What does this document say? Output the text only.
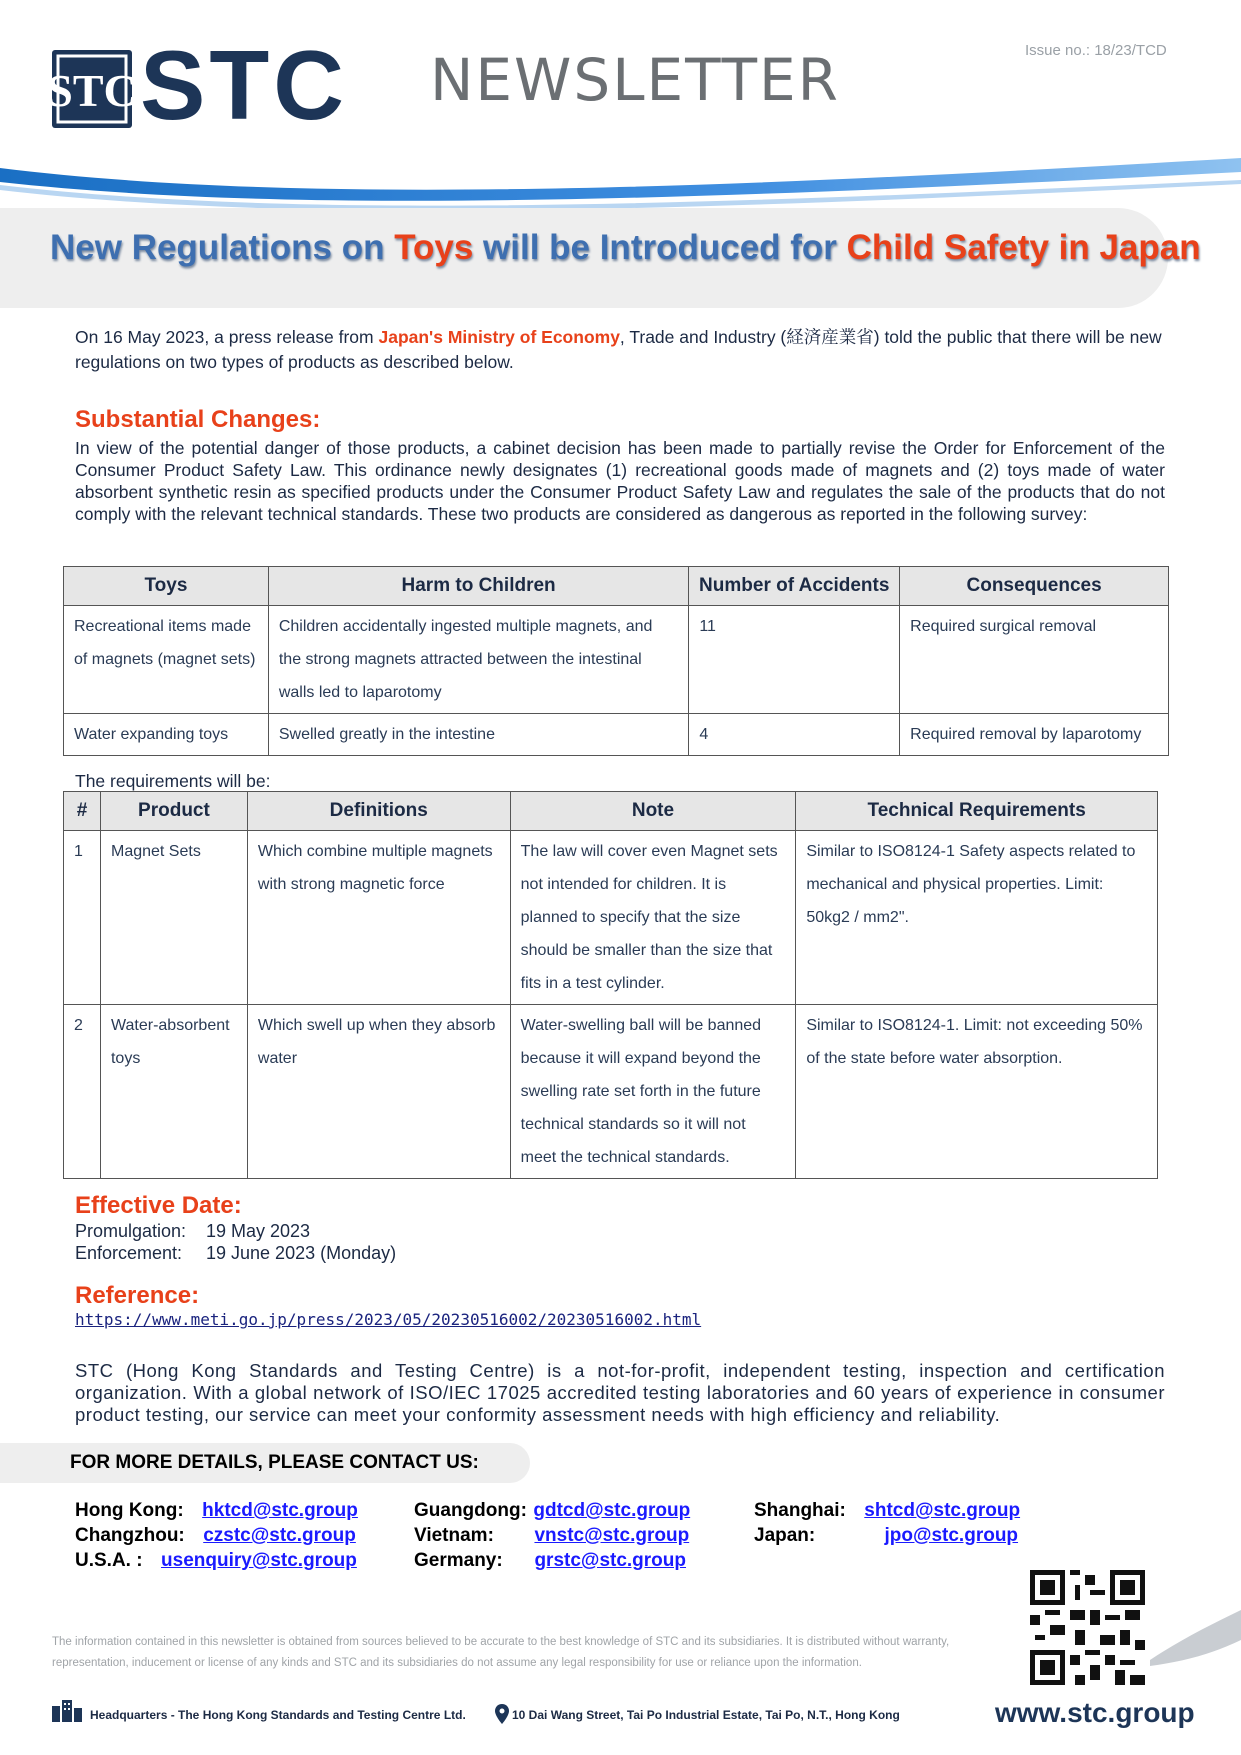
STC STC NEWSLETTER	Issue no.: 18/23/TCD
New Regulations on Toys will be Introduced for Child Safety in Japan
On 16 May 2023, a press release from Japan's Ministry of Economy, Trade and Industry (経済産業省) told the public that there will be new regulations on two types of products as described below.
Substantial Changes:
In view of the potential danger of those products, a cabinet decision has been made to partially revise the Order for Enforcement of the Consumer Product Safety Law. This ordinance newly designates (1) recreational goods made of magnets and (2) toys made of water absorbent synthetic resin as specified products under the Consumer Product Safety Law and regulates the sale of the products that do not comply with the relevant technical standards. These two products are considered as dangerous as reported in the following survey:
Toys	Harm to Children	Number of Accidents	Consequences
Recreational items made of magnets (magnet sets)	Children accidentally ingested multiple magnets, and the strong magnets attracted between the intestinal walls led to laparotomy	11	Required surgical removal
Water expanding toys	Swelled greatly in the intestine	4	Required removal by laparotomy
The requirements will be:
#	Product	Definitions	Note	Technical Requirements
1	Magnet Sets	Which combine multiple magnets with strong magnetic force	The law will cover even Magnet sets not intended for children. It is planned to specify that the size should be smaller than the size that fits in a test cylinder.	Similar to ISO8124-1 Safety aspects related to mechanical and physical properties. Limit: 50kg2 / mm2".
2	Water-absorbent toys	Which swell up when they absorb water	Water-swelling ball will be banned because it will expand beyond the swelling rate set forth in the future technical standards so it will not meet the technical standards.	Similar to ISO8124-1. Limit: not exceeding 50% of the state before water absorption.
Effective Date:
Promulgation: 19 May 2023
Enforcement: 19 June 2023 (Monday)
Reference:
https://www.meti.go.jp/press/2023/05/20230516002/20230516002.html
STC (Hong Kong Standards and Testing Centre) is a not-for-profit, independent testing, inspection and certification organization. With a global network of ISO/IEC 17025 accredited testing laboratories and 60 years of experience in consumer product testing, our service can meet your conformity assessment needs with high efficiency and reliability.
FOR MORE DETAILS, PLEASE CONTACT US:
Hong Kong: hktcd@stc.group	Guangdong: gdtcd@stc.group	Shanghai: shtcd@stc.group
Changzhou: czstc@stc.group	Vietnam: vnstc@stc.group	Japan:	jpo@stc.group
U.S.A. : usenquiry@stc.group	Germany: grstc@stc.group
The information contained in this newsletter is obtained from sources believed to be accurate to the best knowledge of STC and its subsidiaries. It is distributed without warranty, representation, inducement or license of any kinds and STC and its subsidiaries do not assume any legal responsibility for use or reliance upon the information.
Headquarters - The Hong Kong Standards and Testing Centre Ltd.	10 Dai Wang Street, Tai Po Industrial Estate, Tai Po, N.T., Hong Kong	www.stc.group
